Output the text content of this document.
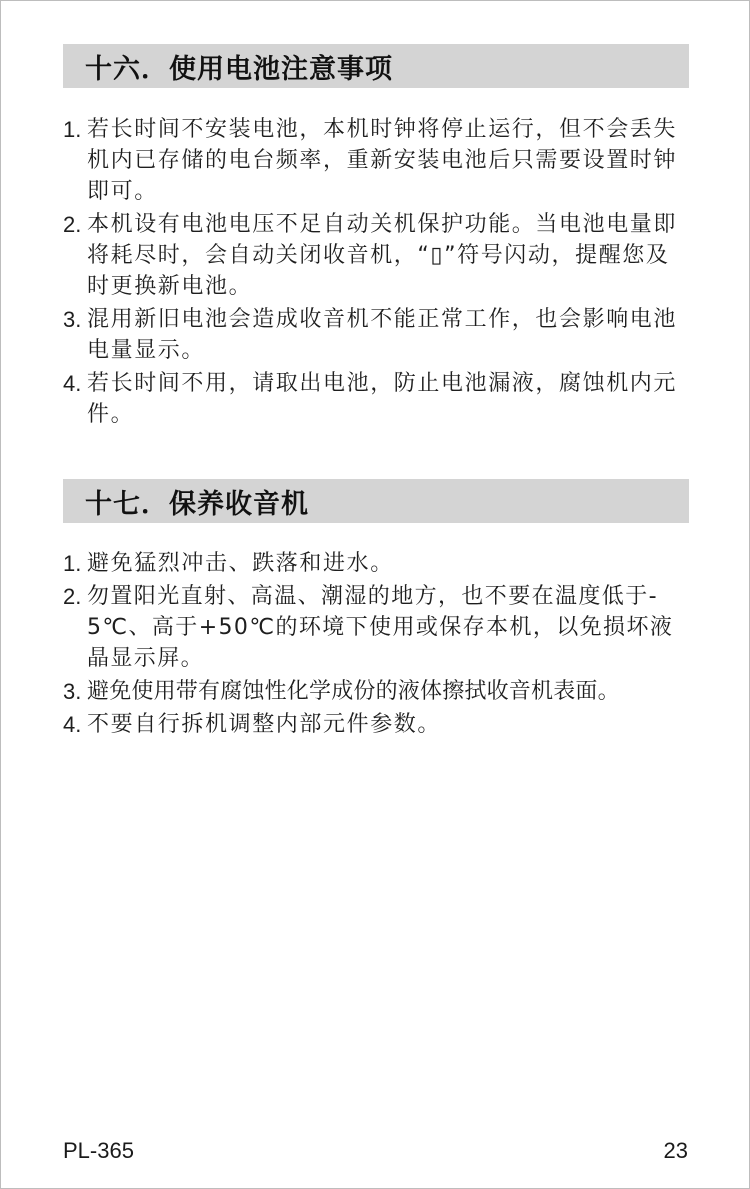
十六．使用电池注意事项
1. 若长时间不安装电池，本机时钟将停止运行，但不会丢失机内已存储的电台频率，重新安装电池后只需要设置时钟即可。
2. 本机设有电池电压不足自动关机保护功能。当电池电量即将耗尽时，会自动关闭收音机，“▯”符号闪动，提醒您及时更换新电池。
3. 混用新旧电池会造成收音机不能正常工作，也会影响电池电量显示。
4. 若长时间不用，请取出电池，防止电池漏液，腐蚀机内元件。
十七．保养收音机
1. 避免猛烈冲击、跌落和进水。
2. 勿置阳光直射、高温、潮湿的地方，也不要在温度低于-5℃、高于+50℃的环境下使用或保存本机，以免损坏液晶显示屏。
3. 避免使用带有腐蚀性化学成份的液体擦拭收音机表面。
4. 不要自行拆机调整内部元件参数。
PL-365	23
